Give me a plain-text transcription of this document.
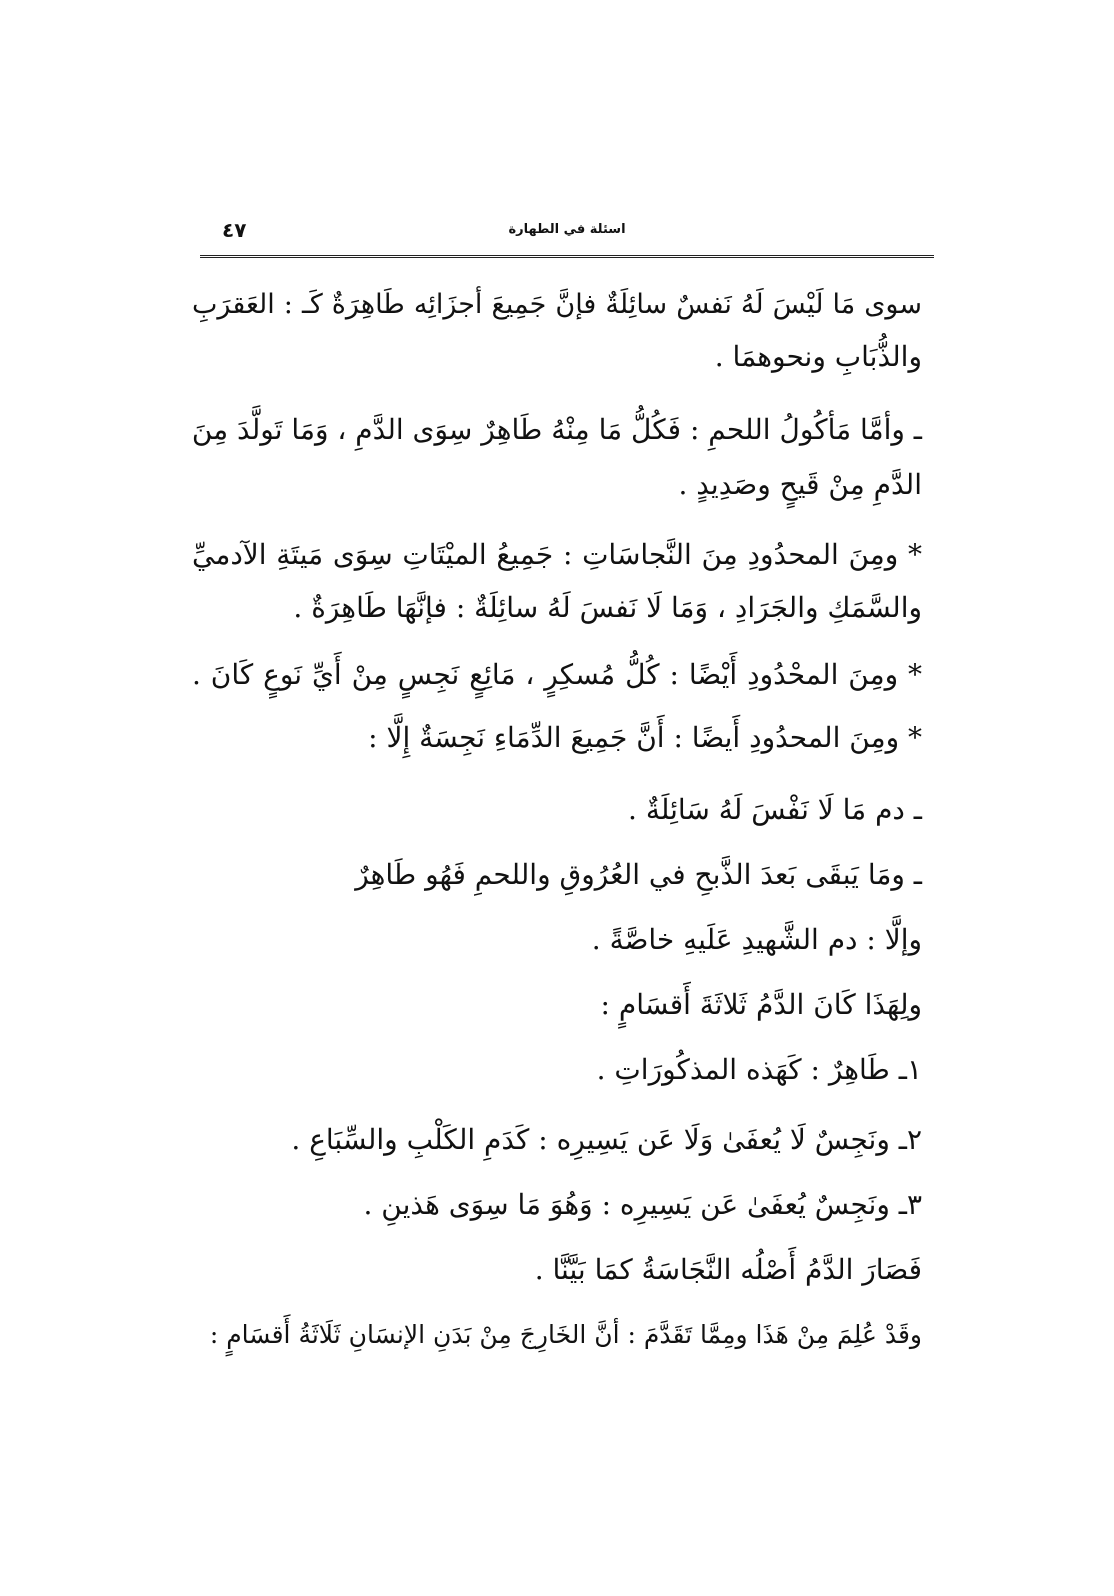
اسئلة في الطهارة
٤٧
سوى مَا لَيْسَ لَهُ نَفسٌ سائِلَةٌ فإنَّ جَمِيعَ أجزَائِه طَاهِرَةٌ كَـ : العَقرَبِ
والذُّبَابِ ونحوهمَا .
ـ وأمَّا مَأكُولُ اللحمِ : فَكُلُّ مَا مِنْهُ طَاهِرٌ سِوَى الدَّمِ ، وَمَا تَولَّدَ مِنَ
الدَّمِ مِنْ قَيحٍ وصَدِيدٍ .
* ومِنَ المحدُودِ مِنَ النَّجاسَاتِ : جَمِيعُ الميْتَاتِ سِوَى مَيتَةِ الآدميِّ
والسَّمَكِ والجَرَادِ ، وَمَا لَا نَفسَ لَهُ سائِلَةٌ : فإنَّهَا طَاهِرَةٌ .
* ومِنَ المحْدُودِ أَيْضًا : كُلُّ مُسكِرٍ ، مَائِعٍ نَجِسٍ مِنْ أَيِّ نَوعٍ كَانَ .
* ومِنَ المحدُودِ أَيضًا : أَنَّ جَمِيعَ الدِّمَاءِ نَجِسَةٌ إِلَّا :
ـ دم مَا لَا نَفْسَ لَهُ سَائِلَةٌ .
ـ ومَا يَبقَى بَعدَ الذَّبحِ في العُرُوقِ واللحمِ فَهُو طَاهِرٌ
وإلَّا : دم الشَّهيدِ عَلَيهِ خاصَّةً .
ولِهَذَا كَانَ الدَّمُ ثَلاثَةَ أَقسَامٍ :
١ـ طَاهِرٌ : كَهَذه المذكُورَاتِ .
٢ـ ونَجِسٌ لَا يُعفَىٰ وَلَا عَن يَسِيرِه : كَدَمِ الكَلْبِ والسِّبَاعِ .
٣ـ ونَجِسٌ يُعفَىٰ عَن يَسِيرِه : وَهُوَ مَا سِوَى هَذينِ .
فَصَارَ الدَّمُ أَصْلُه النَّجَاسَةُ كمَا بَيَّنَّا .
وقَدْ عُلِمَ مِنْ هَذَا ومِمَّا تَقَدَّمَ : أنَّ الخَارِجَ مِنْ بَدَنِ الإنسَانِ ثَلَاثَةُ أَقسَامٍ :
